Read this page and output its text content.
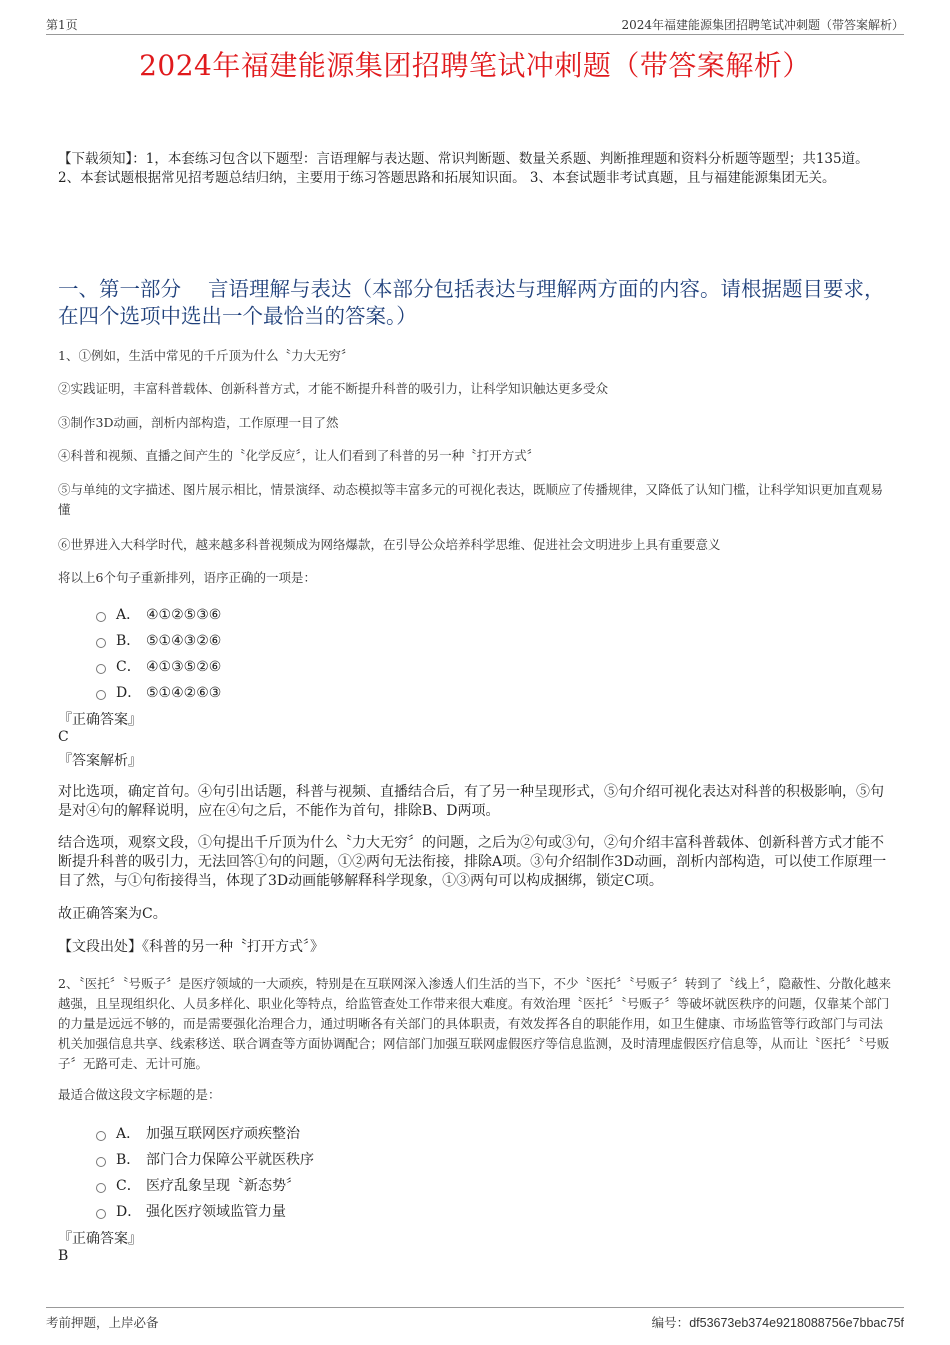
第1页	2024年福建能源集团招聘笔试冲刺题（带答案解析）
2024年福建能源集团招聘笔试冲刺题（带答案解析）
【下载须知】：1，本套练习包含以下题型：言语理解与表达题、常识判断题、数量关系题、判断推理题和资料分析题等题型；共135道。 2、本套试题根据常见招考题总结归纳，主要用于练习答题思路和拓展知识面。 3、本套试题非考试真题，且与福建能源集团无关。
一、第一部分　 言语理解与表达（本部分包括表达与理解两方面的内容。请根据题目要求，在四个选项中选出一个最恰当的答案。）
1、①例如，生活中常见的千斤顶为什么〝力大无穷〞
②实践证明，丰富科普载体、创新科普方式，才能不断提升科普的吸引力，让科学知识触达更多受众
③制作3D动画，剖析内部构造，工作原理一目了然
④科普和视频、直播之间产生的〝化学反应〞，让人们看到了科普的另一种〝打开方式〞
⑤与单纯的文字描述、图片展示相比，情景演绎、动态模拟等丰富多元的可视化表达，既顺应了传播规律，又降低了认知门槛，让科学知识更加直观易懂
⑥世界进入大科学时代，越来越多科普视频成为网络爆款，在引导公众培养科学思维、促进社会文明进步上具有重要意义
将以上6个句子重新排列，语序正确的一项是：
A． ④①②⑤③⑥
B． ⑤①④③②⑥
C． ④①③⑤②⑥
D． ⑤①④②⑥③
『正确答案』
C
『答案解析』
对比选项，确定首句。④句引出话题，科普与视频、直播结合后，有了另一种呈现形式，⑤句介绍可视化表达对科普的积极影响，⑤句是对④句的解释说明，应在④句之后，不能作为首句，排除B、D两项。
结合选项，观察文段，①句提出千斤顶为什么〝力大无穷〞的问题，之后为②句或③句，②句介绍丰富科普载体、创新科普方式才能不断提升科普的吸引力，无法回答①句的问题，①②两句无法衔接，排除A项。③句介绍制作3D动画，剖析内部构造，可以使工作原理一目了然，与①句衔接得当，体现了3D动画能够解释科学现象，①③两句可以构成捆绑，锁定C项。
故正确答案为C。
【文段出处】《科普的另一种〝打开方式〞》
2、〝医托〞〝号贩子〞是医疗领域的一大顽疾，特别是在互联网深入渗透人们生活的当下，不少〝医托〞〝号贩子〞转到了〝线上〞，隐蔽性、分散化越来越强，且呈现组织化、人员多样化、职业化等特点，给监管查处工作带来很大难度。有效治理〝医托〞〝号贩子〞等破坏就医秩序的问题，仅靠某个部门的力量是远远不够的，而是需要强化治理合力，通过明晰各有关部门的具体职责，有效发挥各自的职能作用，如卫生健康、市场监管等行政部门与司法机关加强信息共享、线索移送、联合调查等方面协调配合；网信部门加强互联网虚假医疗等信息监测，及时清理虚假医疗信息等，从而让〝医托〞〝号贩子〞无路可走、无计可施。
最适合做这段文字标题的是：
A． 加强互联网医疗顽疾整治
B． 部门合力保障公平就医秩序
C． 医疗乱象呈现〝新态势〞
D． 强化医疗领域监管力量
『正确答案』
B
考前押题，上岸必备	编号：df53673eb374e9218088756e7bbac75f
